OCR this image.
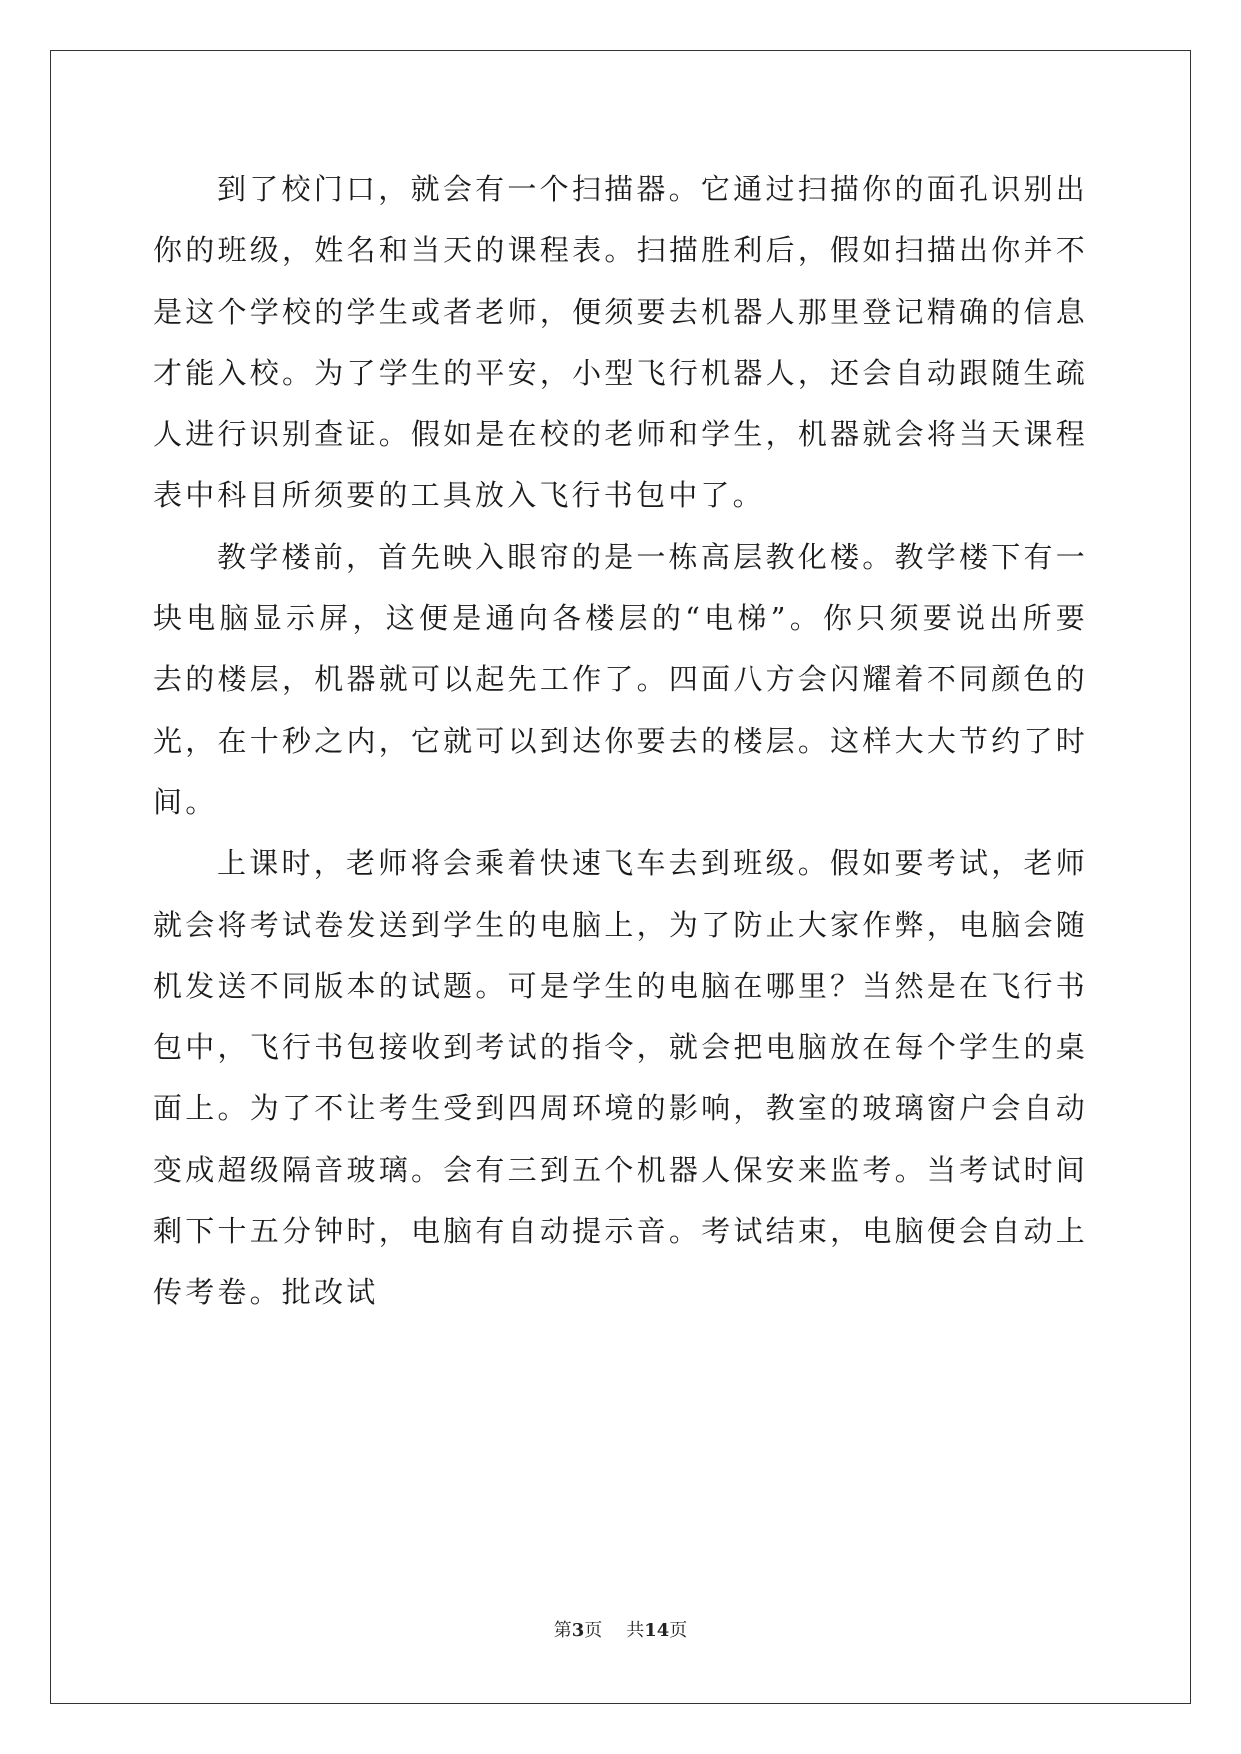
到了校门口，就会有一个扫描器。它通过扫描你的面孔识别出你的班级，姓名和当天的课程表。扫描胜利后，假如扫描出你并不是这个学校的学生或者老师，便须要去机器人那里登记精确的信息才能入校。为了学生的平安，小型飞行机器人，还会自动跟随生疏人进行识别查证。假如是在校的老师和学生，机器就会将当天课程表中科目所须要的工具放入飞行书包中了。

教学楼前，首先映入眼帘的是一栋高层教化楼。教学楼下有一块电脑显示屏，这便是通向各楼层的“电梯”。你只须要说出所要去的楼层，机器就可以起先工作了。四面八方会闪耀着不同颜色的光，在十秒之内，它就可以到达你要去的楼层。这样大大节约了时间。

上课时，老师将会乘着快速飞车去到班级。假如要考试，老师就会将考试卷发送到学生的电脑上，为了防止大家作弊，电脑会随机发送不同版本的试题。可是学生的电脑在哪里？当然是在飞行书包中，飞行书包接收到考试的指令，就会把电脑放在每个学生的桌面上。为了不让考生受到四周环境的影响，教室的玻璃窗户会自动变成超级隔音玻璃。会有三到五个机器人保安来监考。当考试时间剩下十五分钟时，电脑有自动提示音。考试结束，电脑便会自动上传考卷。批改试

第3页 共14页
